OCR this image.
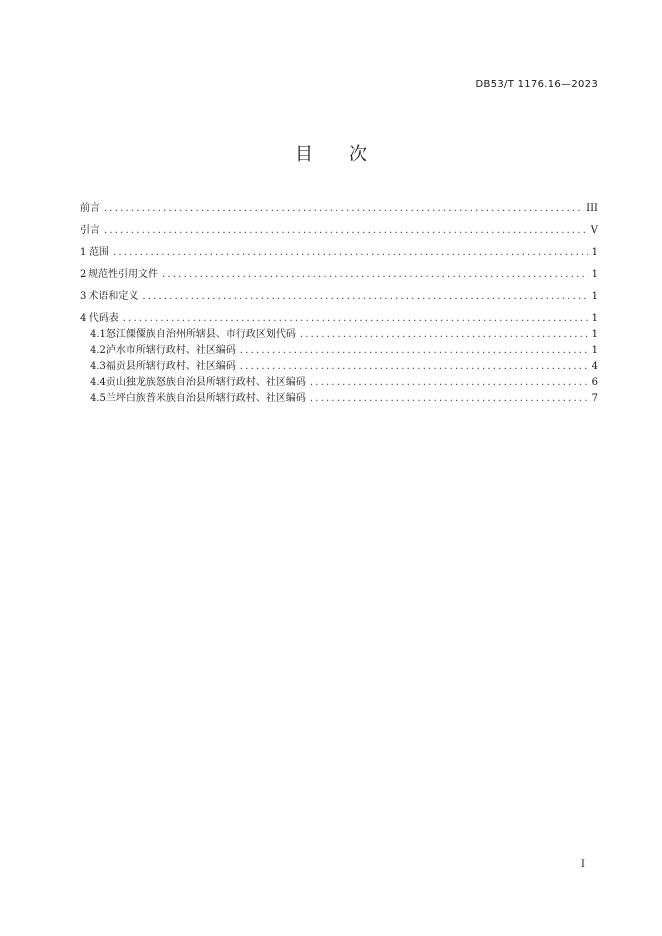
DB53/T 1176.16—2023
目 次
前言 .....	III
引言 .....	V
1 范围 .....	1
2 规范性引用文件 .....	1
3 术语和定义 .....	1
4 代码表 .....	1
4.1 怒江傈僳族自治州所辖县、市行政区划代码 .....	1
4.2 泸水市所辖行政村、社区编码 .....	1
4.3 福贡县所辖行政村、社区编码 .....	4
4.4 贡山独龙族怒族自治县所辖行政村、社区编码 .....	6
4.5 兰坪白族普米族自治县所辖行政村、社区编码 .....	7
I
